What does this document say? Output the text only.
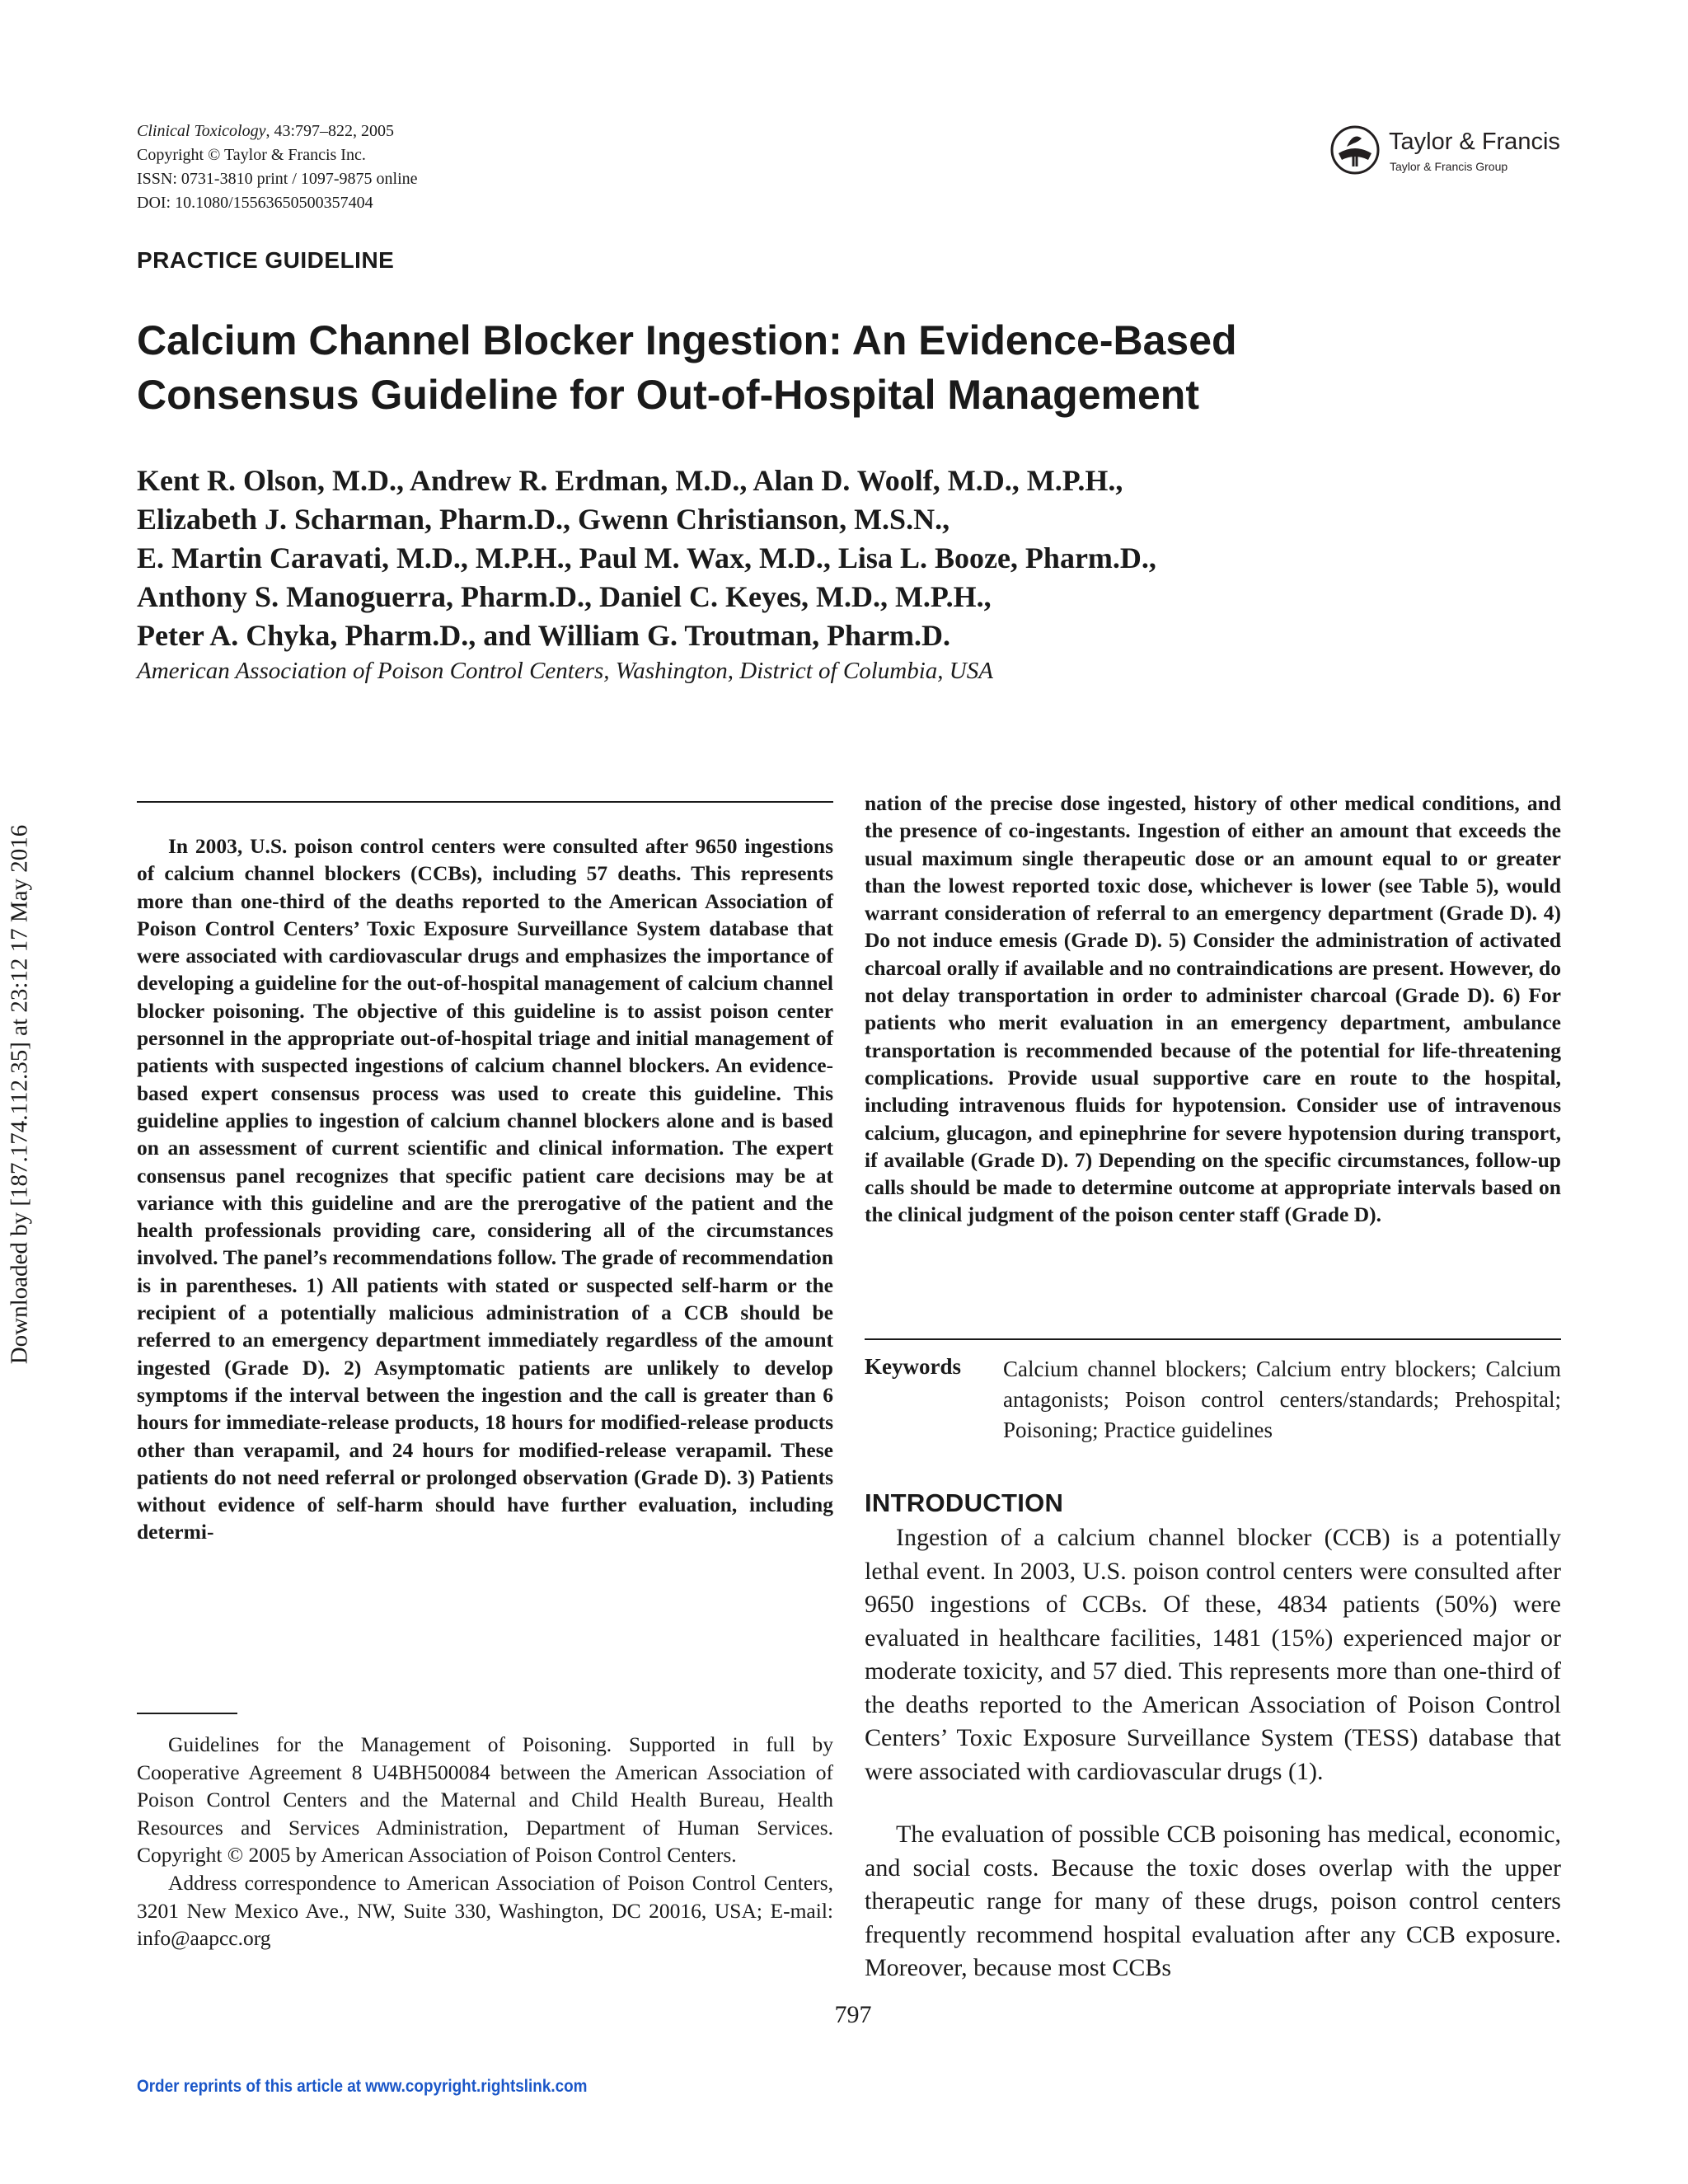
Clinical Toxicology, 43:797–822, 2005
Copyright © Taylor & Francis Inc.
ISSN: 0731-3810 print / 1097-9875 online
DOI: 10.1080/15563650500357404
Taylor & Francis
Taylor & Francis Group
PRACTICE GUIDELINE
Calcium Channel Blocker Ingestion: An Evidence-Based
Consensus Guideline for Out-of-Hospital Management
Kent R. Olson, M.D., Andrew R. Erdman, M.D., Alan D. Woolf, M.D., M.P.H.,
Elizabeth J. Scharman, Pharm.D., Gwenn Christianson, M.S.N.,
E. Martin Caravati, M.D., M.P.H., Paul M. Wax, M.D., Lisa L. Booze, Pharm.D.,
Anthony S. Manoguerra, Pharm.D., Daniel C. Keyes, M.D., M.P.H.,
Peter A. Chyka, Pharm.D., and William G. Troutman, Pharm.D.
American Association of Poison Control Centers, Washington, District of Columbia, USA
Downloaded by [187.174.112.35] at 23:12 17 May 2016	In 2003, U.S. poison control centers were consulted after 9650 ingestions of calcium channel blockers (CCBs), including 57 deaths. This represents more than one-third of the deaths reported to the American Association of Poison Control Centers’ Toxic Exposure Surveillance System database that were associated with cardiovascular drugs and emphasizes the importance of developing a guideline for the out-of-hospital management of calcium channel blocker poisoning. The objective of this guideline is to assist poison center personnel in the appropriate out-of-hospital triage and initial management of patients with suspected ingestions of calcium channel blockers. An evidence-based expert consensus process was used to create this guideline. This guideline applies to ingestion of calcium channel blockers alone and is based on an assessment of current scientific and clinical information. The expert consensus panel recognizes that specific patient care decisions may be at variance with this guideline and are the prerogative of the patient and the health professionals providing care, considering all of the circumstances involved. The panel’s recommendations follow. The grade of recommendation is in parentheses. 1) All patients with stated or suspected self-harm or the recipient of a potentially malicious administration of a CCB should be referred to an emergency department immediately regardless of the amount ingested (Grade D). 2) Asymptomatic patients are unlikely to develop symptoms if the interval between the ingestion and the call is greater than 6 hours for immediate-release products, 18 hours for modified-release products other than verapamil, and 24 hours for modified-release verapamil. These patients do not need referral or prolonged observation (Grade D). 3) Patients without evidence of self-harm should have further evaluation, including determi-

nation of the precise dose ingested, history of other medical conditions, and the presence of co-ingestants. Ingestion of either an amount that exceeds the usual maximum single therapeutic dose or an amount equal to or greater than the lowest reported toxic dose, whichever is lower (see Table 5), would warrant consideration of referral to an emergency department (Grade D). 4) Do not induce emesis (Grade D). 5) Consider the administration of activated charcoal orally if available and no contraindications are present. However, do not delay transportation in order to administer charcoal (Grade D). 6) For patients who merit evaluation in an emergency department, ambulance transportation is recommended because of the potential for life-threatening complications. Provide usual supportive care en route to the hospital, including intravenous fluids for hypotension. Consider use of intravenous calcium, glucagon, and epinephrine for severe hypotension during transport, if available (Grade D). 7) Depending on the specific circumstances, follow-up calls should be made to determine outcome at appropriate intervals based on the clinical judgment of the poison center staff (Grade D).

Keywords Calcium channel blockers; Calcium entry blockers; Calcium antagonists; Poison control centers/standards; Prehospital; Poisoning; Practice guidelines

INTRODUCTION

Ingestion of a calcium channel blocker (CCB) is a potentially lethal event. In 2003, U.S. poison control centers were consulted after 9650 ingestions of CCBs. Of these, 4834 patients (50%) were evaluated in healthcare facilities, 1481 (15%) experienced major or moderate toxicity, and 57 died. This represents more than one-third of the deaths reported to the American Association of Poison Control Centers’ Toxic Exposure Surveillance System (TESS) database that were associated with cardiovascular drugs (1).

The evaluation of possible CCB poisoning has medical, economic, and social costs. Because the toxic doses overlap with the upper therapeutic range for many of these drugs, poison control centers frequently recommend hospital evaluation after any CCB exposure. Moreover, because most CCBs

Guidelines for the Management of Poisoning. Supported in full by Cooperative Agreement 8 U4BH500084 between the American Association of Poison Control Centers and the Maternal and Child Health Bureau, Health Resources and Services Administration, Department of Human Services. Copyright © 2005 by American Association of Poison Control Centers.

Address correspondence to American Association of Poison Control Centers, 3201 New Mexico Ave., NW, Suite 330, Washington, DC 20016, USA; E-mail: info@aapcc.org

797
Order reprints of this article at www.copyright.rightslink.com
